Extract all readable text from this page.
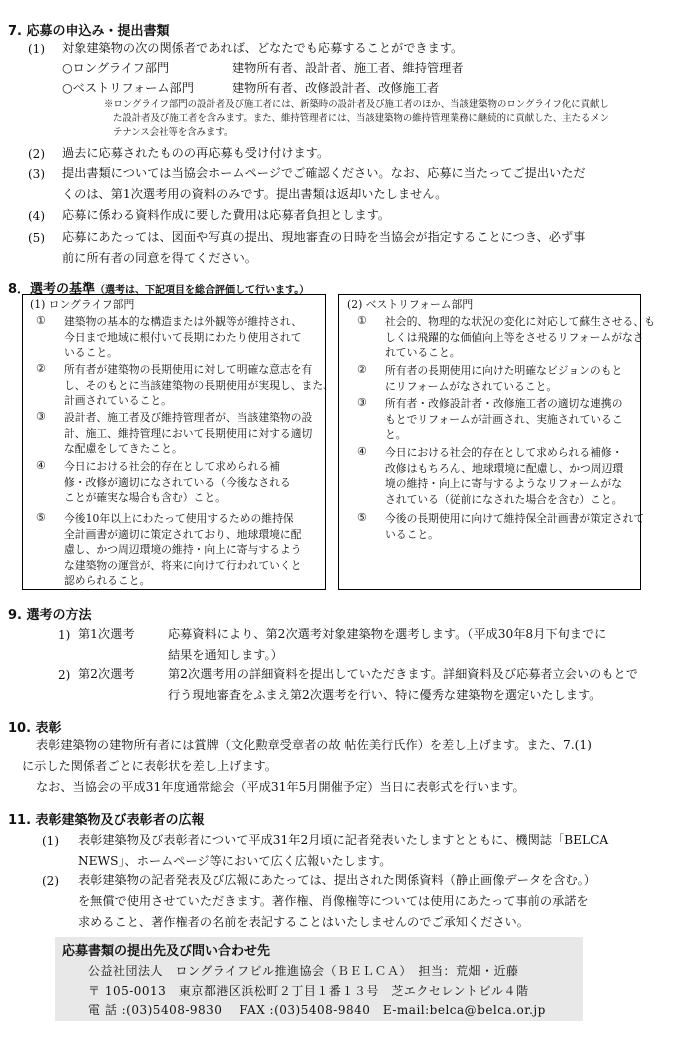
7. 応募の申込み・提出書類
(1) 対象建築物の次の関係者であれば、どなたでも応募することができます。
○ロングライフ部門	建物所有者、設計者、施工者、維持管理者
○ベストリフォーム部門	建物所有者、改修設計者、改修施工者
※ロングライフ部門の設計者及び施工者には、新築時の設計者及び施工者のほか、当該建築物のロングライフ化に貢献し
た設計者及び施工者を含みます。また、維持管理者には、当該建築物の維持管理業務に継続的に貢献した、主たるメン
テナンス会社等を含みます。
(2) 過去に応募されたものの再応募も受け付けます。
(3) 提出書類については当協会ホームページでご確認ください。なお、応募に当たってご提出いただ
くのは、第1次選考用の資料のみです。提出書類は返却いたしません。
(4) 応募に係わる資料作成に要した費用は応募者負担とします。
(5) 応募にあたっては、図面や写真の提出、現地審査の日時を当協会が指定することにつき、必ず事
前に所有者の同意を得てください。
8．選考の基準（選考は、下記項目を総合評価して行います。）
(1) ロングライフ部門	(2) ベストリフォーム部門
① 建築物の基本的な構造または外観等が維持され、
今日まで地域に根付いて長期にわたり使用されて
いること。
② 所有者が建築物の長期使用に対して明確な意志を有
し、そのもとに当該建築物の長期使用が実現し、また、
計画されていること。
③ 設計者、施工者及び維持管理者が、当該建築物の設
計、施工、維持管理において長期使用に対する適切
な配慮をしてきたこと。
④ 今日における社会的存在として求められる補
修・改修が適切になされている（今後なされる
ことが確実な場合も含む）こと。
⑤ 今後10年以上にわたって使用するための維持保
全計画書が適切に策定されており、地球環境に配
慮し、かつ周辺環境の維持・向上に寄与するよう
な建築物の運営が、将来に向けて行われていくと
認められること。
① 社会的、物理的な状況の変化に対応して蘇生させる、も
しくは飛躍的な価値向上等をさせるリフォームがなさ
れていること。
② 所有者の長期使用に向けた明確なビジョンのもと
にリフォームがなされていること。
③ 所有者・改修設計者・改修施工者の適切な連携の
もとでリフォームが計画され、実施されているこ
と。
④ 今日における社会的存在として求められる補修・
改修はもちろん、地球環境に配慮し、かつ周辺環
境の維持・向上に寄与するようなリフォームがな
されている（従前になされた場合を含む）こと。
⑤ 今後の長期使用に向けて維持保全計画書が策定されて
いること。
9. 選考の方法
1) 第1次選考	応募資料により、第2次選考対象建築物を選考します。（平成30年8月下旬までに
結果を通知します。）
2) 第2次選考	第2次選考用の詳細資料を提出していただきます。詳細資料及び応募者立会いのもとで
行う現地審査をふまえ第2次選考を行い、特に優秀な建築物を選定いたします。
10. 表彰
表彰建築物の建物所有者には賞牌（文化勲章受章者の故 帖佐美行氏作）を差し上げます。また、7.(1)
に示した関係者ごとに表彰状を差し上げます。
なお、当協会の平成31年度通常総会（平成31年5月開催予定）当日に表彰式を行います。
11. 表彰建築物及び表彰者の広報
(1) 表彰建築物及び表彰者について平成31年2月頃に記者発表いたしますとともに、機関誌「BELCA
NEWS」、ホームページ等において広く広報いたします。
(2) 表彰建築物の記者発表及び広報にあたっては、提出された関係資料（静止画像データを含む。）
を無償で使用させていただきます。著作権、肖像権等については使用にあたって事前の承諾を
求めること、著作権者の名前を表記することはいたしませんのでご承知ください。
応募書類の提出先及び問い合わせ先
公益社団法人　ロングライフビル推進協会（ＢＥＬＣＡ）　担当：荒畑・近藤
〒 105-0013　東京都港区浜松町２丁目１番１３号　芝エクセレントビル４階
電 話 :(03)5408-9830　 FAX :(03)5408-9840　E-mail:belca@belca.or.jp
